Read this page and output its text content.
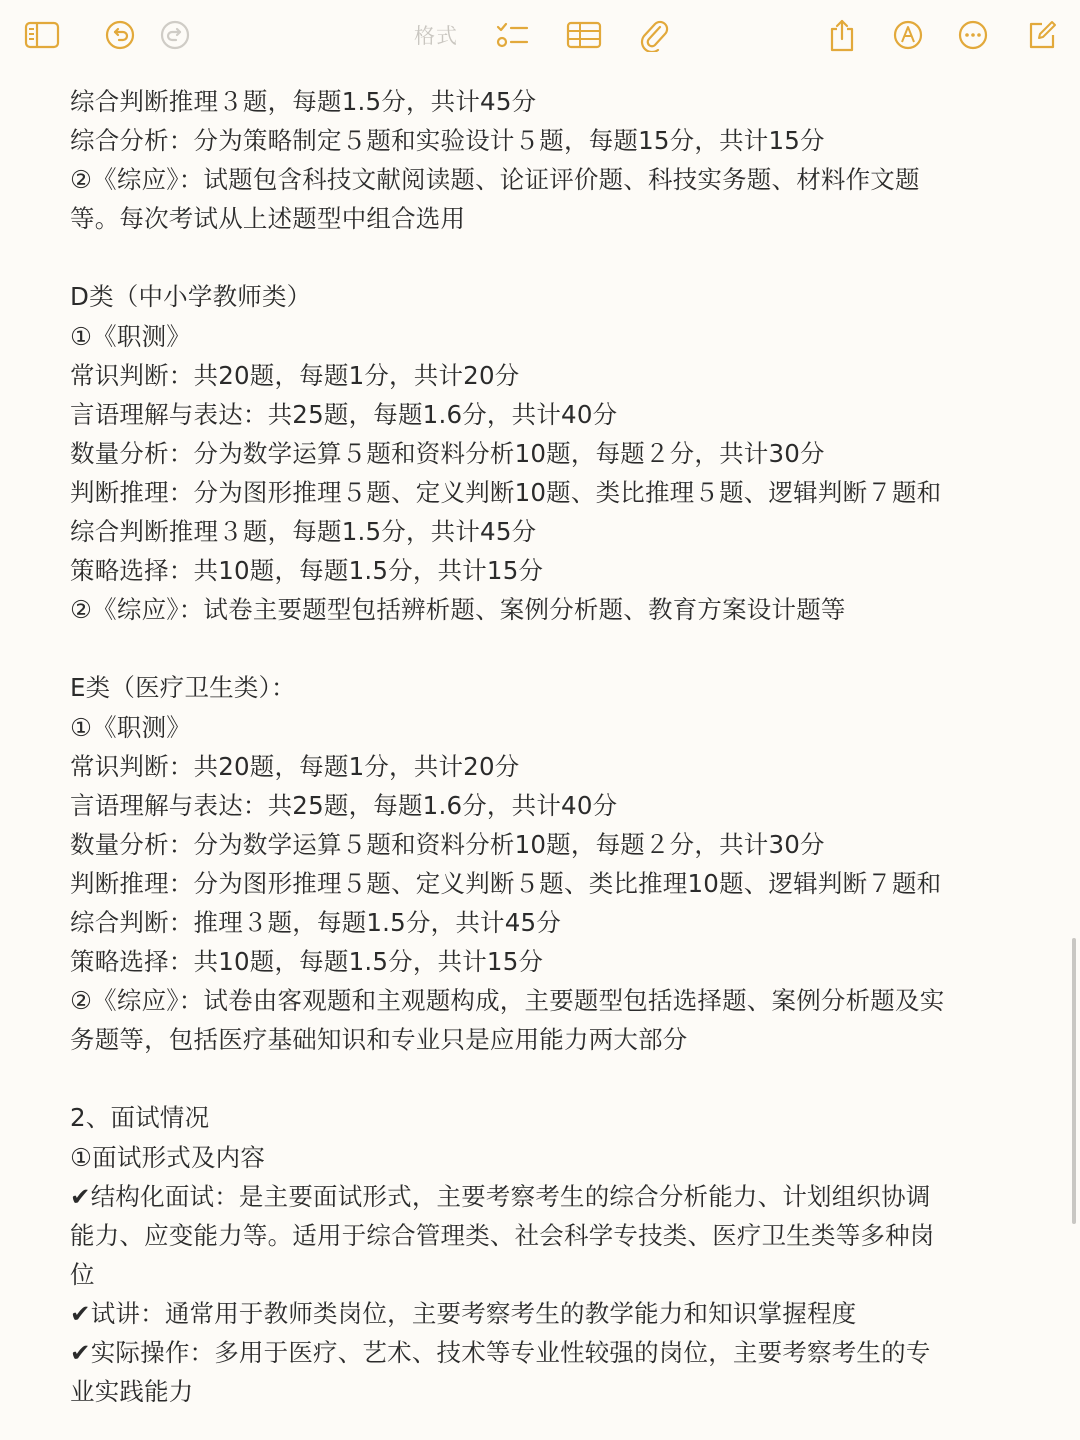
格式
综合判断推理３题，每题1.5分，共计45分
综合分析：分为策略制定５题和实验设计５题，每题15分，共计15分
②《综应》：试题包含科技文献阅读题、论证评价题、科技实务题、材料作文题
等。每次考试从上述题型中组合选用
D类（中小学教师类）
①《职测》
常识判断：共20题，每题1分，共计20分
言语理解与表达：共25题，每题1.6分，共计40分
数量分析：分为数学运算５题和资料分析10题，每题２分，共计30分
判断推理：分为图形推理５题、定义判断10题、类比推理５题、逻辑判断７题和
综合判断推理３题，每题1.5分，共计45分
策略选择：共10题，每题1.5分，共计15分
②《综应》：试卷主要题型包括辨析题、案例分析题、教育方案设计题等
E类（医疗卫生类）：
①《职测》
常识判断：共20题，每题1分，共计20分
言语理解与表达：共25题，每题1.6分，共计40分
数量分析：分为数学运算５题和资料分析10题，每题２分，共计30分
判断推理：分为图形推理５题、定义判断５题、类比推理10题、逻辑判断７题和
综合判断：推理３题，每题1.5分，共计45分
策略选择：共10题，每题1.5分，共计15分
②《综应》：试卷由客观题和主观题构成，主要题型包括选择题、案例分析题及实
务题等，包括医疗基础知识和专业只是应用能力两大部分
2、面试情况
①面试形式及内容
✔结构化面试：是主要面试形式，主要考察考生的综合分析能力、计划组织协调
能力、应变能力等。适用于综合管理类、社会科学专技类、医疗卫生类等多种岗
位
✔试讲：通常用于教师类岗位，主要考察考生的教学能力和知识掌握程度
✔实际操作：多用于医疗、艺术、技术等专业性较强的岗位，主要考察考生的专
业实践能力
